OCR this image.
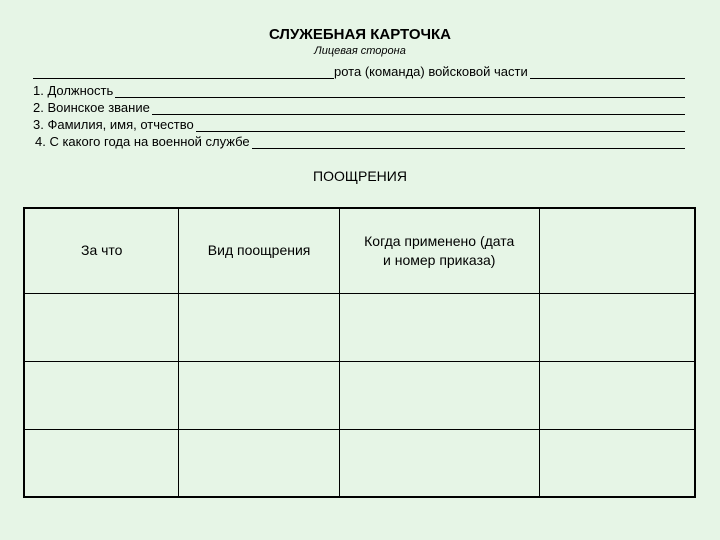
СЛУЖЕБНАЯ КАРТОЧКА
Лицевая сторона
рота (команда) войсковой части
1. Должность
2. Воинское звание
3. Фамилия, имя, отчество
4. С какого года на военной службе
ПООЩРЕНИЯ
За что	Вид поощрения	Когда применено (дата и номер приказа)	
